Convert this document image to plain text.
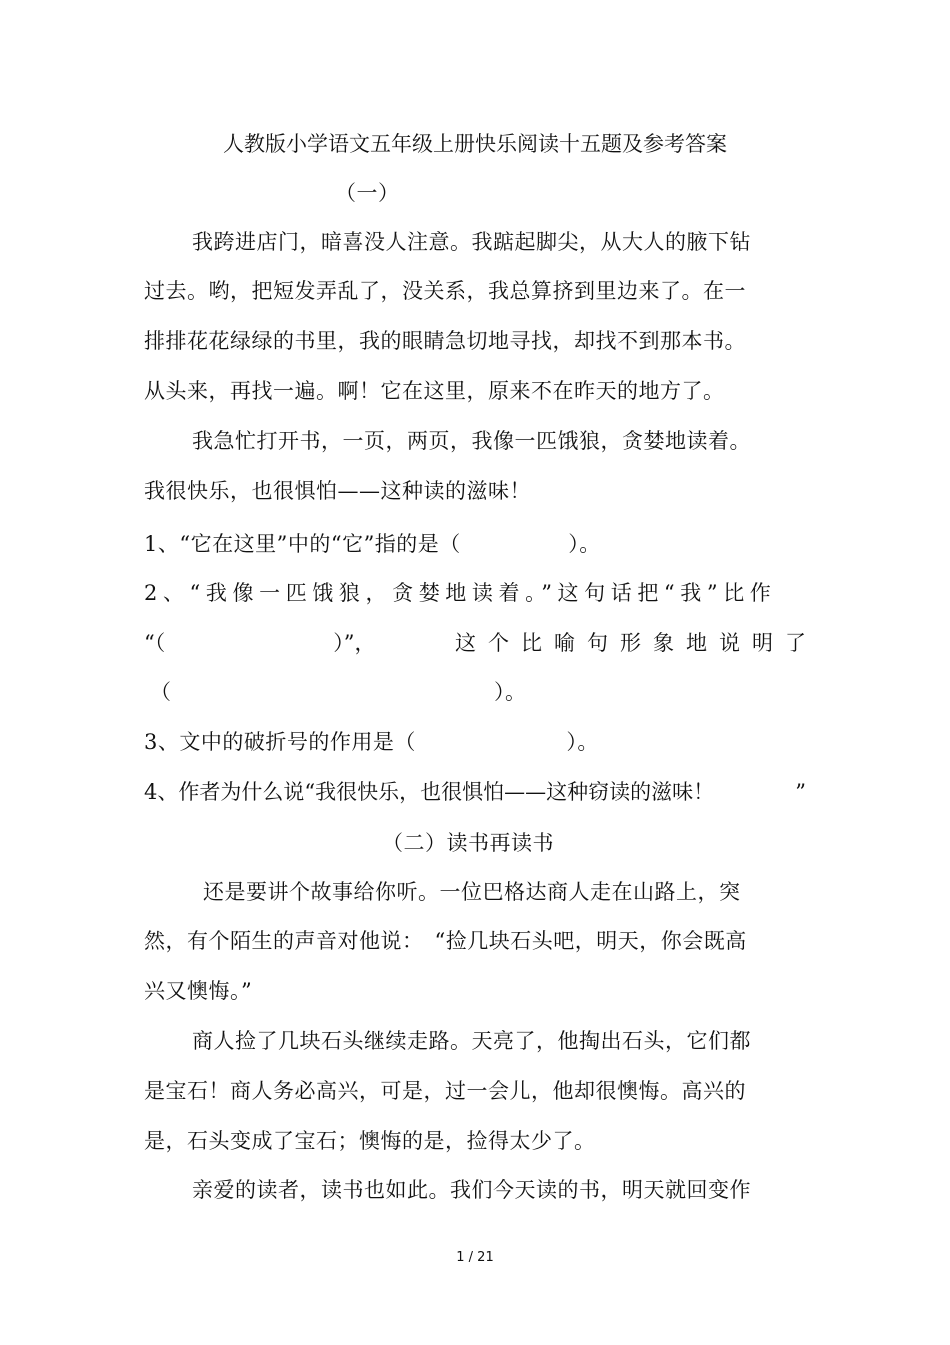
人教版小学语文五年级上册快乐阅读十五题及参考答案
（一）
我跨进店门，暗喜没人注意。我踮起脚尖，从大人的腋下钻
过去。哟，把短发弄乱了，没关系，我总算挤到里边来了。在一
排排花花绿绿的书里，我的眼睛急切地寻找，却找不到那本书。
从头来，再找一遍。啊！它在这里，原来不在昨天的地方了。
我急忙打开书，一页，两页，我像一匹饿狼，贪婪地读着。
我很快乐，也很惧怕——这种读的滋味！
1、“它在这里”中的“它”指的是（　　　　　）。
2、“我像一匹饿狼，贪婪地读着。”这句话把“我”比作
“（　　　　　　　　）”，	这个比喻句形象地说明了
（　　　　　　　　　　　　　　　）。
3、文中的破折号的作用是（　　　　　　　）。
4、作者为什么说“我很快乐，也很惧怕——这种窃读的滋味！	”
（二）读书再读书
还是要讲个故事给你听。一位巴格达商人走在山路上，突
然，有个陌生的声音对他说：　“捡几块石头吧，明天，你会既高
兴又懊悔。”
商人捡了几块石头继续走路。天亮了，他掏出石头，它们都
是宝石！商人务必高兴，可是，过一会儿，他却很懊悔。高兴的
是，石头变成了宝石；懊悔的是，捡得太少了。
亲爱的读者，读书也如此。我们今天读的书，明天就回变作
1 / 21
